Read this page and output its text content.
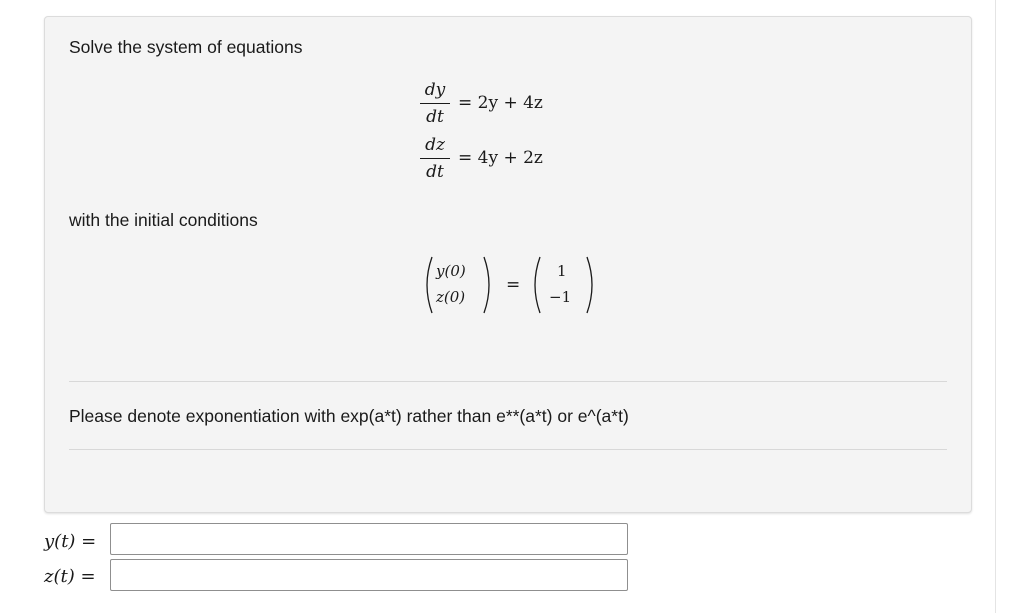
Solve the system of equations
dy
dt
= 2y + 4z
dz
dt
= 4y + 2z
with the initial conditions
y(0)
z(0)
=
1
−1
Please denote exponentiation with exp(a*t) rather than e**(a*t) or e^(a*t)
y(t) =
z(t) =
